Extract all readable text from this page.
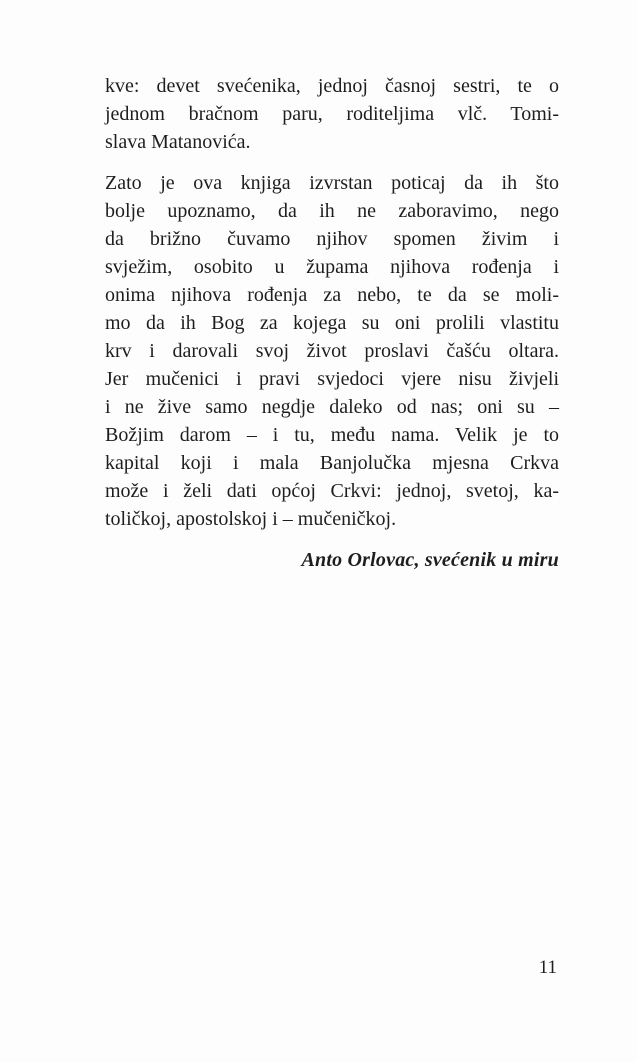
kve: devet svećenika, jednoj časnoj sestri, te o
jednom bračnom paru, roditeljima vlč. Tomi-
slava Matanovića.

Zato je ova knjiga izvrstan poticaj da ih što
bolje upoznamo, da ih ne zaboravimo, nego
da brižno čuvamo njihov spomen živim i
svježim, osobito u župama njihova rođenja i
onima njihova rođenja za nebo, te da se moli-
mo da ih Bog za kojega su oni prolili vlastitu
krv i darovali svoj život proslavi čašću oltara.
Jer mučenici i pravi svjedoci vjere nisu živjeli
i ne žive samo negdje daleko od nas; oni su –
Božjim darom – i tu, među nama. Velik je to
kapital koji i mala Banjolučka mjesna Crkva
može i želi dati općoj Crkvi: jednoj, svetoj, ka-
toličkoj, apostolskoj i – mučeničkoj.

Anto Orlovac, svećenik u miru
11
